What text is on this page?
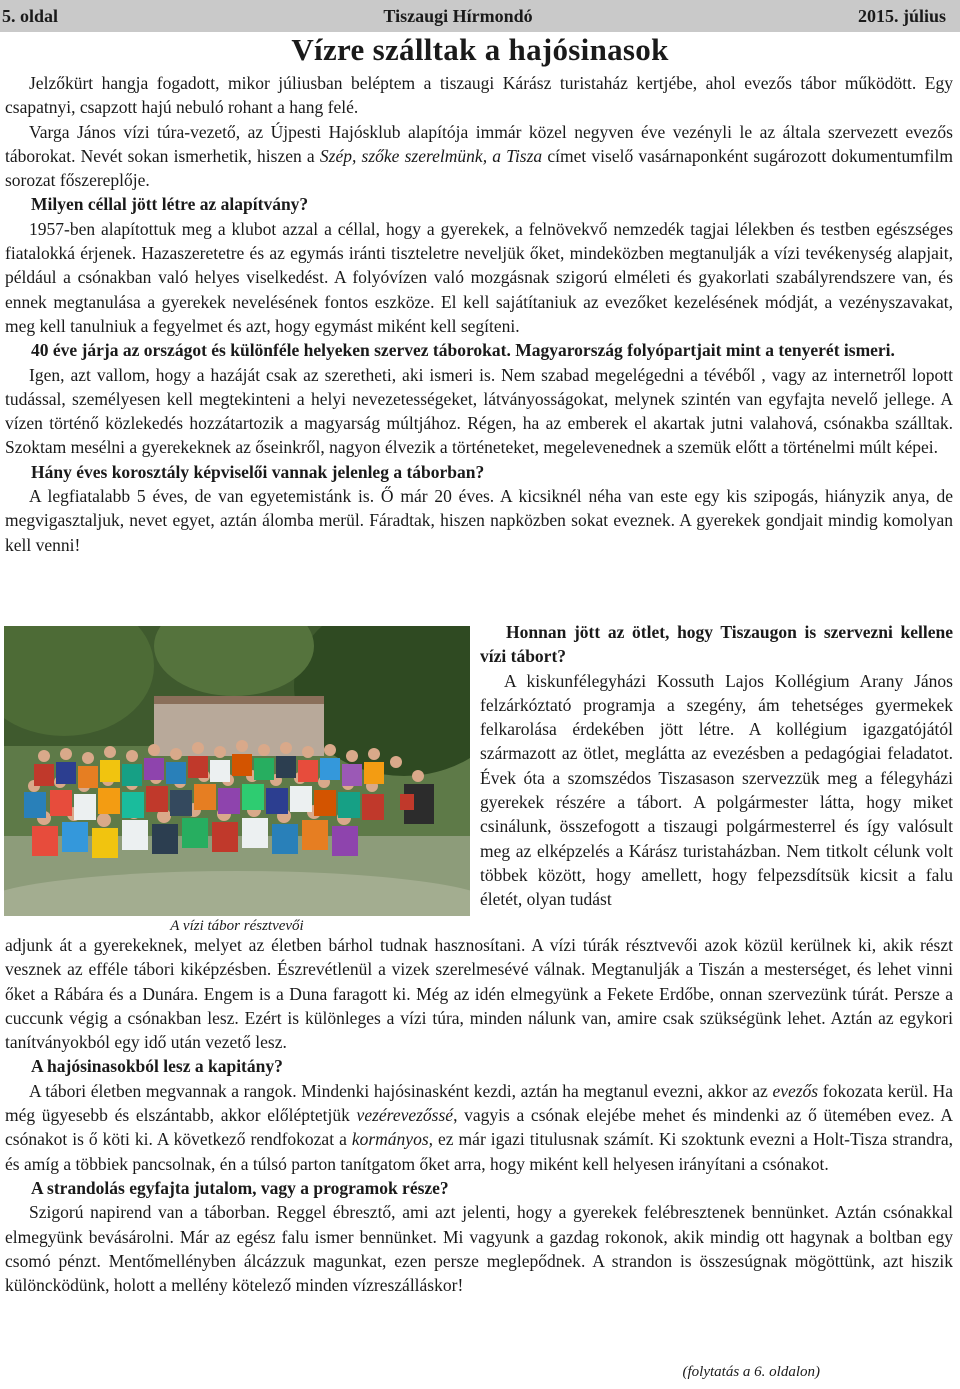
5. oldal	Tiszaugi Hírmondó	2015. július
Vízre szálltak a hajósinasok

Jelzőkürt hangja fogadott, mikor júliusban beléptem a tiszaugi Kárász turistaház kertjébe, ahol evezős tábor működött. Egy csapatnyi, csapzott hajú nebuló rohant a hang felé.

Varga János vízi túra-vezető, az Újpesti Hajósklub alapítója immár közel negyven éve vezényli le az általa szervezett evezős táborokat. Nevét sokan ismerhetik, hiszen a Szép, szőke szerelmünk, a Tisza címet viselő vasárnaponként sugározott dokumentumfilm sorozat főszereplője.

Milyen céllal jött létre az alapítvány?

1957-ben alapítottuk meg a klubot azzal a céllal, hogy a gyerekek, a felnövekvő nemzedék tagjai lélekben és testben egészséges fiatalokká érjenek. Hazaszeretetre és az egymás iránti tiszteletre neveljük őket, mindeközben megtanulják a vízi tevékenység alapjait, például a csónakban való helyes viselkedést. A folyóvízen való mozgásnak szigorú elméleti és gyakorlati szabályrendszere van, és ennek megtanulása a gyerekek nevelésének fontos eszköze. El kell sajátítaniuk az evezőket kezelésének módját, a vezényszavakat, meg kell tanulniuk a fegyelmet és azt, hogy egymást miként kell segíteni.

40 éve járja az országot és különféle helyeken szervez táborokat. Magyarország folyópartjait mint a tenyerét ismeri.

Igen, azt vallom, hogy a hazáját csak az szeretheti, aki ismeri is. Nem szabad megelégedni a tévéből , vagy az internetről lopott tudással, személyesen kell megtekinteni a helyi nevezetességeket, látványosságokat, melynek szintén van egyfajta nevelő jellege. A vízen történő közlekedés hozzátartozik a magyarság múltjához. Régen, ha az emberek el akartak jutni valahová, csónakba szálltak. Szoktam mesélni a gyerekeknek az őseinkről, nagyon élvezik a történeteket, megelevenednek a szemük előtt a történelmi múlt képei.

Hány éves korosztály képviselői vannak jelenleg a táborban?

A legfiatalabb 5 éves, de van egyetemistánk is. Ő már 20 éves. A kicsiknél néha van este egy kis szipogás, hiányzik anya, de megvigasztaljuk, nevet egyet, aztán álomba merül. Fáradtak, hiszen napközben sokat eveznek. A gyerekek gondjait mindig komolyan kell venni!

A vízi tábor résztvevői

Honnan jött az ötlet, hogy Tiszaugon is szervezni kellene vízi tábort?

A kiskunfélegyházi Kossuth Lajos Kollégium Arany János felzárkóztató programja a szegény, ám tehetséges gyermekek felkarolása érdekében jött létre. A kollégium igazgatójától származott az ötlet, meglátta az evezésben a pedagógiai feladatot. Évek óta a szomszédos Tiszasason szervezzük meg a félegyházi gyerekek részére a tábort. A polgármester látta, hogy miket csinálunk, összefogott a tiszaugi polgármesterrel és így valósult meg az elképzelés a Kárász turistaházban. Nem titkolt célunk volt többek között, hogy amellett, hogy felpezsdítsük kicsit a falu életét, olyan tudást

adjunk át a gyerekeknek, melyet az életben bárhol tudnak hasznosítani. A vízi túrák résztvevői azok közül kerülnek ki, akik részt vesznek az efféle tábori kiképzésben. Észrevétlenül a vizek szerelmesévé válnak. Megtanulják a Tiszán a mesterséget, és lehet vinni őket a Rábára és a Dunára. Engem is a Duna faragott ki. Még az idén elmegyünk a Fekete Erdőbe, onnan szervezünk túrát. Persze a cuccunk végig a csónakban lesz. Ezért is különleges a vízi túra, minden nálunk van, amire csak szükségünk lehet. Aztán az egykori tanítványokból egy idő után vezető lesz.

A hajósinasokból lesz a kapitány?

A tábori életben megvannak a rangok. Mindenki hajósinasként kezdi, aztán ha megtanul evezni, akkor az evezős fokozata kerül. Ha még ügyesebb és elszántabb, akkor előléptetjük vezérevezőssé, vagyis a csónak elejébe mehet és mindenki az ő ütemében evez. A csónakot is ő köti ki. A következő rendfokozat a kormányos, ez már igazi titulusnak számít. Ki szoktunk evezni a Holt-Tisza strandra, és amíg a többiek pancsolnak, én a túlsó parton tanítgatom őket arra, hogy miként kell helyesen irányítani a csónakot.

A strandolás egyfajta jutalom, vagy a programok része?

Szigorú napirend van a táborban. Reggel ébresztő, ami azt jelenti, hogy a gyerekek felébresztenek bennünket. Aztán csónakkal elmegyünk bevásárolni. Már az egész falu ismer bennünket. Mi vagyunk a gazdag rokonok, akik mindig ott hagynak a boltban egy csomó pénzt. Mentőmellényben álcázzuk magunkat, ezen persze meglepődnek. A strandon is összesúgnak mögöttünk, azt hiszik különcködünk, holott a mellény kötelező minden vízreszálláskor!

(folytatás a 6. oldalon)
